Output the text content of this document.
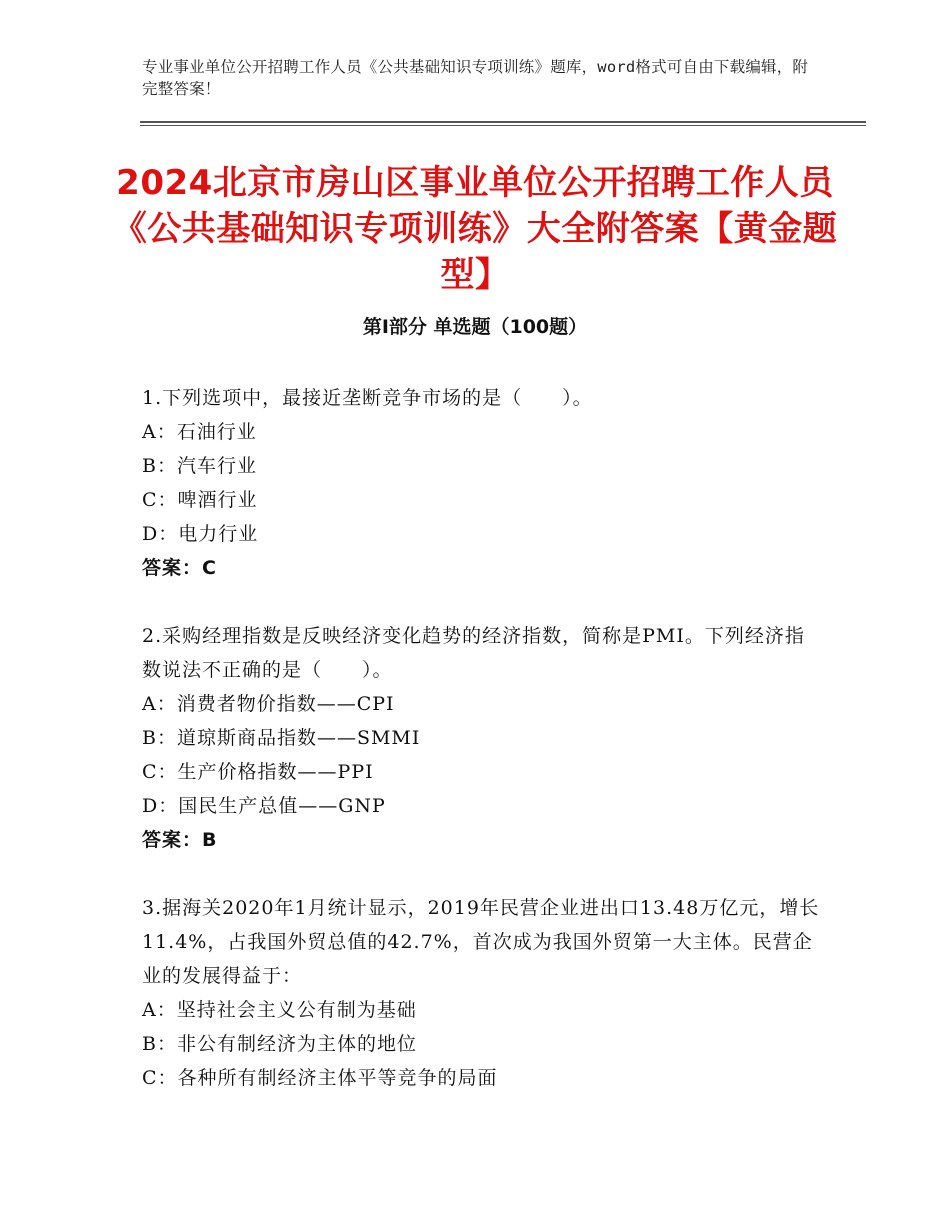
专业事业单位公开招聘工作人员《公共基础知识专项训练》题库，word格式可自由下载编辑，附完整答案！
2024北京市房山区事业单位公开招聘工作人员《公共基础知识专项训练》大全附答案【黄金题型】
第I部分 单选题（100题）
1.下列选项中，最接近垄断竞争市场的是（　　）。
A：石油行业
B：汽车行业
C：啤酒行业
D：电力行业
答案：C
2.采购经理指数是反映经济变化趋势的经济指数，简称是PMI。下列经济指数说法不正确的是（　　）。
A：消费者物价指数——CPI
B：道琼斯商品指数——SMMI
C：生产价格指数——PPI
D：国民生产总值——GNP
答案：B
3.据海关2020年1月统计显示，2019年民营企业进出口13.48万亿元，增长11.4%，占我国外贸总值的42.7%，首次成为我国外贸第一大主体。民营企业的发展得益于：
A：坚持社会主义公有制为基础
B：非公有制经济为主体的地位
C：各种所有制经济主体平等竞争的局面
